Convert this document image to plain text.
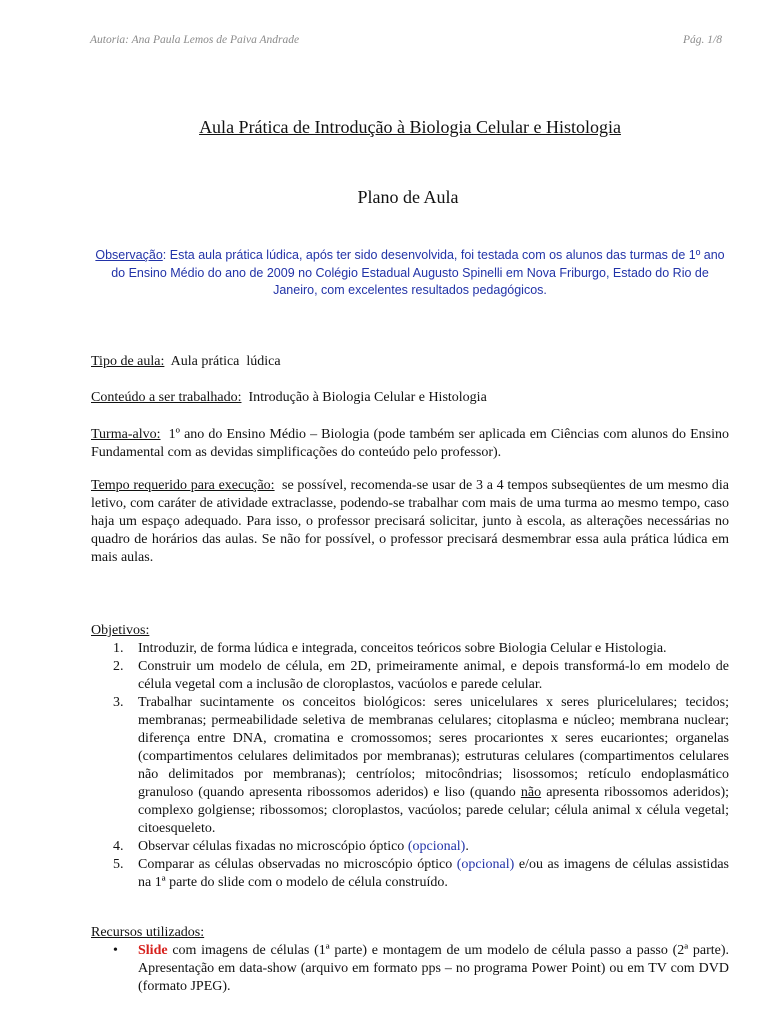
Autoria: Ana Paula Lemos de Paiva Andrade	Pág. 1/8
Aula Prática de Introdução à Biologia Celular e Histologia
Plano de Aula
Observação: Esta aula prática lúdica, após ter sido desenvolvida, foi testada com os alunos das turmas de 1º ano do Ensino Médio do ano de 2009 no Colégio Estadual Augusto Spinelli em Nova Friburgo, Estado do Rio de Janeiro, com excelentes resultados pedagógicos.
Tipo de aula:  Aula prática  lúdica
Conteúdo a ser trabalhado:  Introdução à Biologia Celular e Histologia
Turma-alvo:  1º ano do Ensino Médio – Biologia (pode também ser aplicada em Ciências com alunos do Ensino Fundamental com as devidas simplificações do conteúdo pelo professor).
Tempo requerido para execução:  se possível, recomenda-se usar de 3 a 4 tempos subseqüentes de um mesmo dia letivo, com caráter de atividade extraclasse, podendo-se trabalhar com mais de uma turma ao mesmo tempo, caso haja um espaço adequado. Para isso, o professor precisará solicitar, junto à escola, as alterações necessárias no quadro de horários das aulas. Se não for possível, o professor precisará desmembrar essa aula prática lúdica em mais aulas.
Objetivos:
1. Introduzir, de forma lúdica e integrada, conceitos teóricos sobre Biologia Celular e Histologia.
2. Construir um modelo de célula, em 2D, primeiramente animal, e depois transformá-lo em modelo de célula vegetal com a inclusão de cloroplastos, vacúolos e parede celular.
3. Trabalhar sucintamente os conceitos biológicos: seres unicelulares x seres pluricelulares; tecidos; membranas; permeabilidade seletiva de membranas celulares; citoplasma e núcleo; membrana nuclear; diferença entre DNA, cromatina e cromossomos; seres procariontes x seres eucariontes; organelas (compartimentos celulares delimitados por membranas); estruturas celulares (compartimentos celulares não delimitados por membranas); centríolos; mitocôndrias; lisossomos; retículo endoplasmático granuloso (quando apresenta ribossomos aderidos) e liso (quando não apresenta ribossomos aderidos); complexo golgiense; ribossomos; cloroplastos, vacúolos; parede celular; célula animal x célula vegetal; citoesqueleto.
4. Observar células fixadas no microscópio óptico (opcional).
5. Comparar as células observadas no microscópio óptico (opcional) e/ou as imagens de células assistidas na 1ª parte do slide com o modelo de célula construído.
Recursos utilizados:
• Slide com imagens de células (1ª parte) e montagem de um modelo de célula passo a passo (2ª parte). Apresentação em data-show (arquivo em formato pps – no programa Power Point) ou em TV com DVD (formato JPEG).
